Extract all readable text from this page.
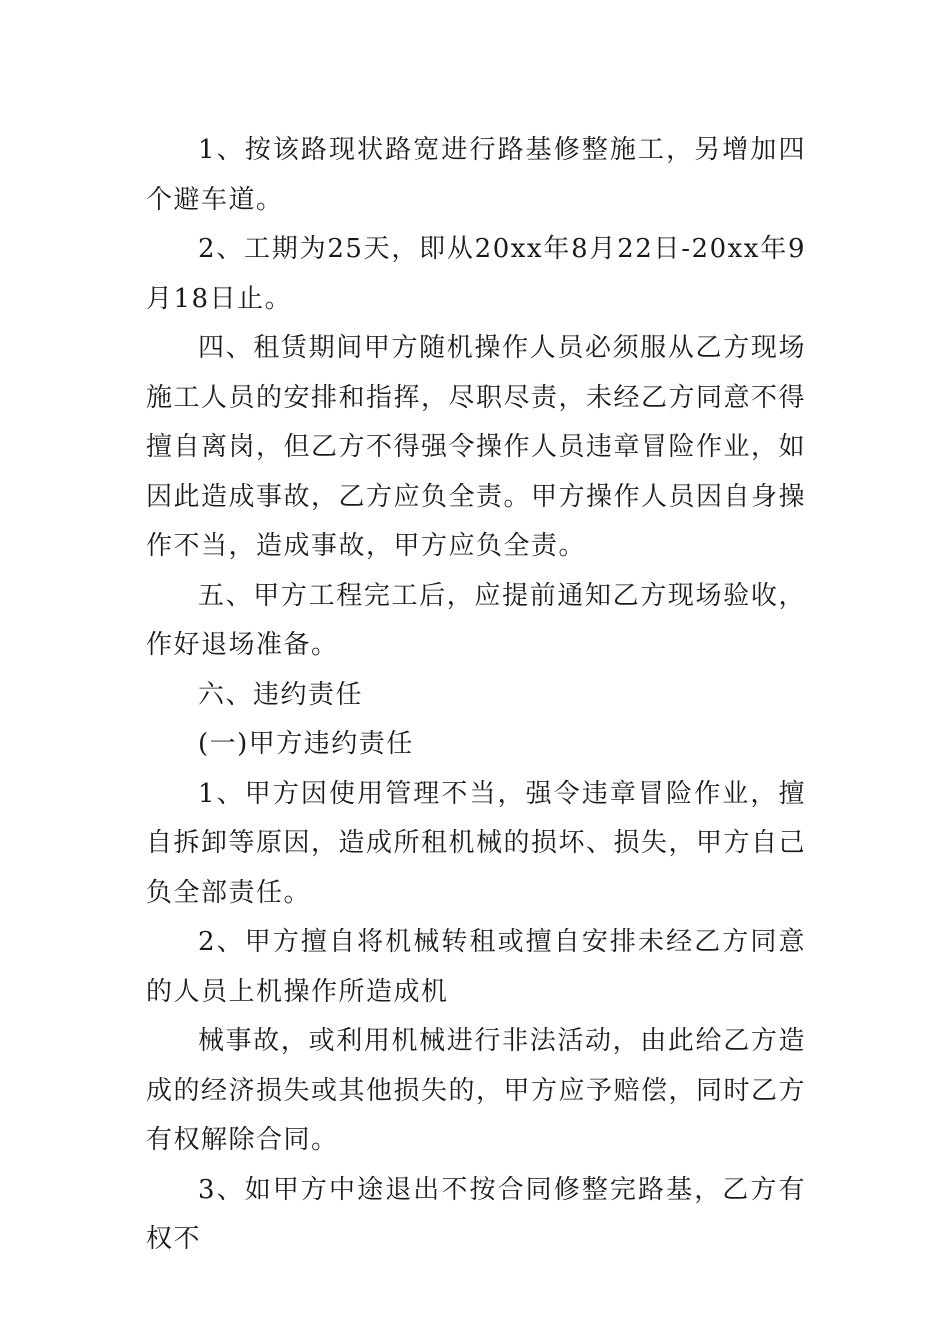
1、按该路现状路宽进行路基修整施工，另增加四个避车道。

2、工期为25天，即从20xx年8月22日-20xx年9月18日止。

四、租赁期间甲方随机操作人员必须服从乙方现场施工人员的安排和指挥，尽职尽责，未经乙方同意不得擅自离岗，但乙方不得强令操作人员违章冒险作业，如因此造成事故，乙方应负全责。甲方操作人员因自身操作不当，造成事故，甲方应负全责。

五、甲方工程完工后，应提前通知乙方现场验收，作好退场准备。

六、违约责任

(一)甲方违约责任

1、甲方因使用管理不当，强令违章冒险作业，擅自拆卸等原因，造成所租机械的损坏、损失，甲方自己负全部责任。

2、甲方擅自将机械转租或擅自安排未经乙方同意的人员上机操作所造成机

械事故，或利用机械进行非法活动，由此给乙方造成的经济损失或其他损失的，甲方应予赔偿，同时乙方有权解除合同。

3、如甲方中途退出不按合同修整完路基，乙方有权不
